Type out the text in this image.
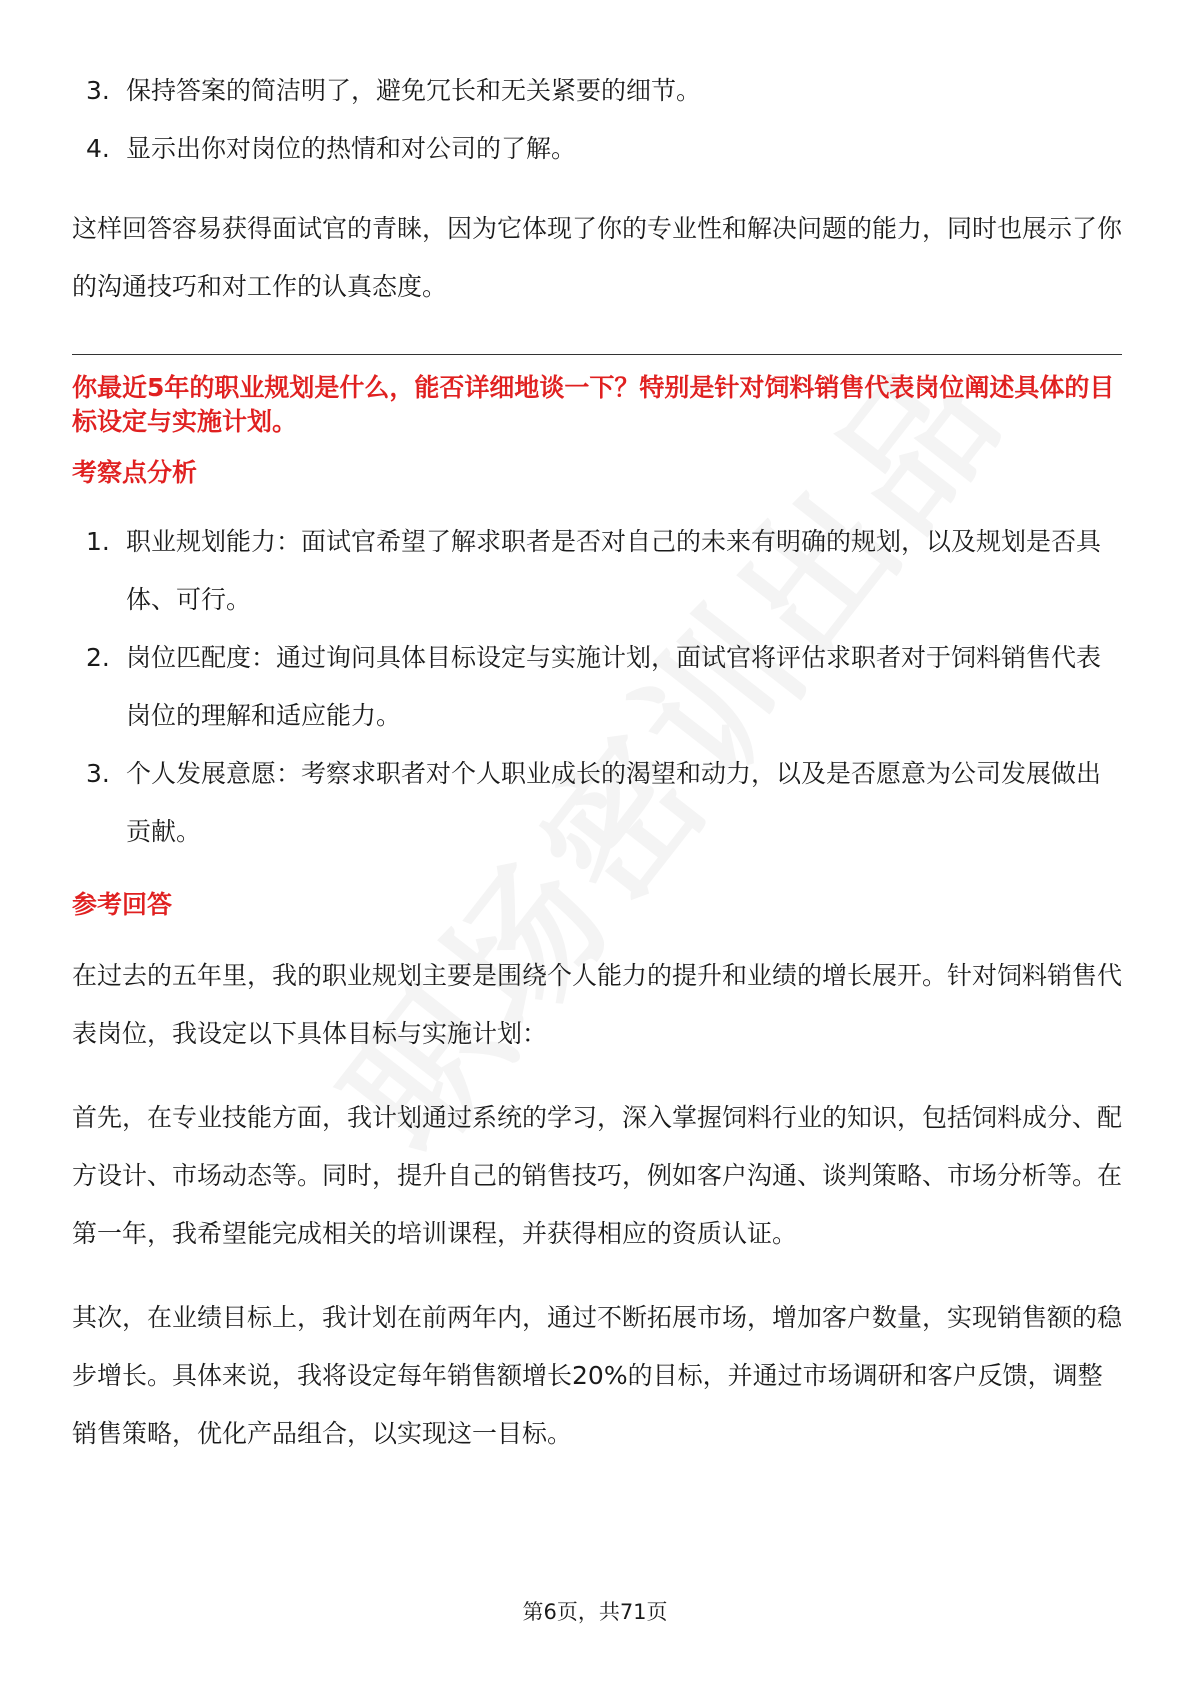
3. 保持答案的简洁明了，避免冗长和无关紧要的细节。
4. 显示出你对岗位的热情和对公司的了解。

这样回答容易获得面试官的青睐，因为它体现了你的专业性和解决问题的能力，同时也展示了你的沟通技巧和对工作的认真态度。

你最近5年的职业规划是什么，能否详细地谈一下？特别是针对饲料销售代表岗位阐述具体的目标设定与实施计划。

考察点分析

1. 职业规划能力：面试官希望了解求职者是否对自己的未来有明确的规划，以及规划是否具体、可行。
2. 岗位匹配度：通过询问具体目标设定与实施计划，面试官将评估求职者对于饲料销售代表岗位的理解和适应能力。
3. 个人发展意愿：考察求职者对个人职业成长的渴望和动力，以及是否愿意为公司发展做出贡献。

参考回答

在过去的五年里，我的职业规划主要是围绕个人能力的提升和业绩的增长展开。针对饲料销售代表岗位，我设定以下具体目标与实施计划：

首先，在专业技能方面，我计划通过系统的学习，深入掌握饲料行业的知识，包括饲料成分、配方设计、市场动态等。同时，提升自己的销售技巧，例如客户沟通、谈判策略、市场分析等。在第一年，我希望能完成相关的培训课程，并获得相应的资质认证。

其次，在业绩目标上，我计划在前两年内，通过不断拓展市场，增加客户数量，实现销售额的稳步增长。具体来说，我将设定每年销售额增长20%的目标，并通过市场调研和客户反馈，调整销售策略，优化产品组合，以实现这一目标。

第6页，共71页
